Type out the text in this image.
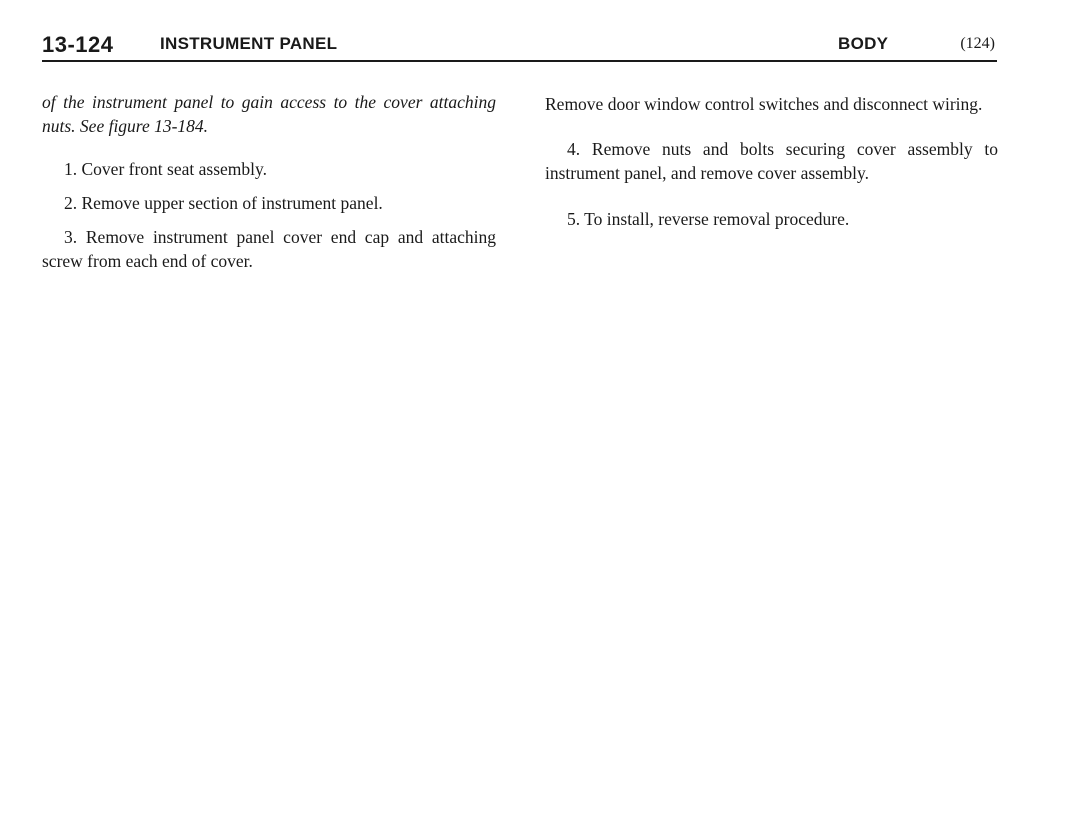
13-124	INSTRUMENT PANEL	BODY	(124)

of the instrument panel to gain access to the cover attaching nuts. See figure 13-184.

1. Cover front seat assembly.

2. Remove upper section of instrument panel.

3. Remove instrument panel cover end cap and attaching screw from each end of cover.

Remove door window control switches and disconnect wiring.

4. Remove nuts and bolts securing cover assembly to instrument panel, and remove cover assembly.

5. To install, reverse removal procedure.
